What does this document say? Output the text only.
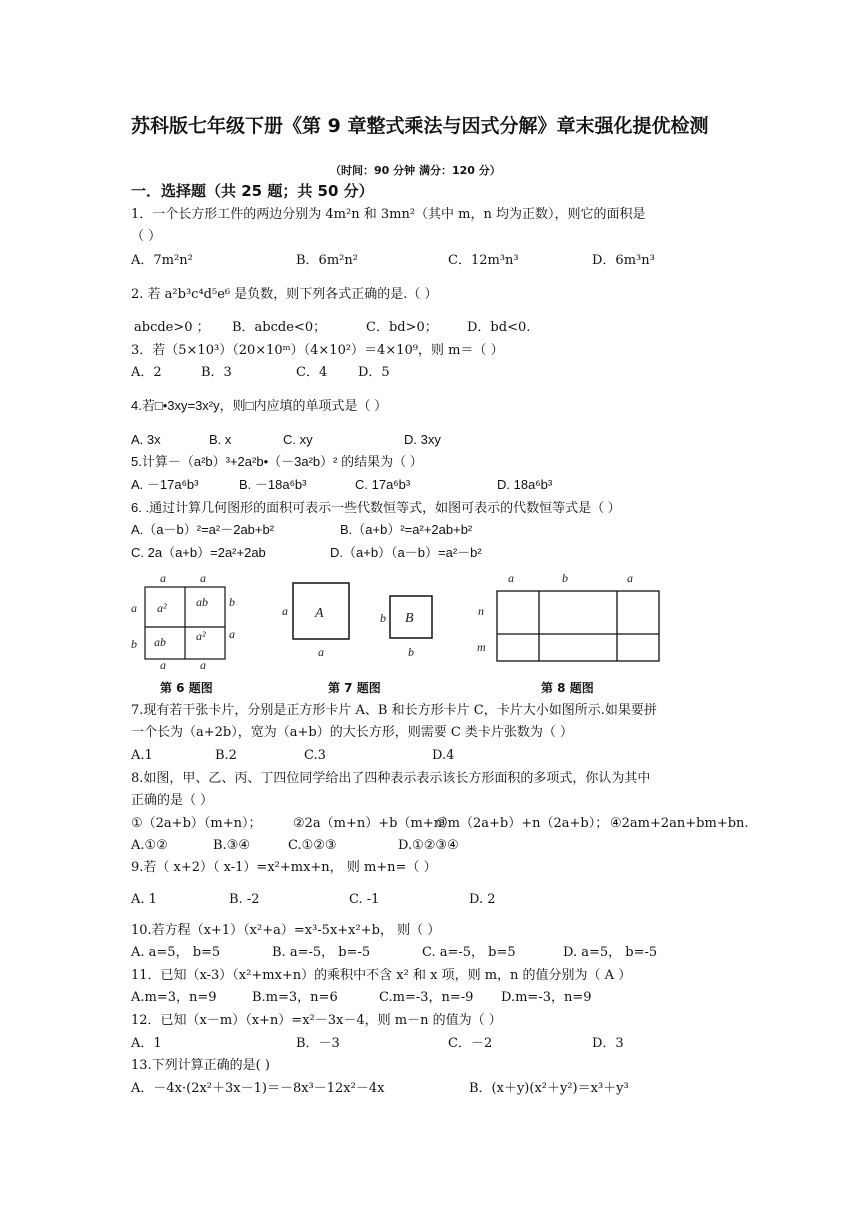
苏科版七年级下册《第 9 章整式乘法与因式分解》章末强化提优检测
（时间：90 分钟 满分：120 分）
一．选择题（共 25 题；共 50 分）
1．一个长方形工件的两边分别为 4m²n 和 3mn²（其中 m，n 均为正数），则它的面积是
（ ）
A．7m²n²	B．6m²n²	C．12m³n³	D．6m³n³
2. 若 a²b³c⁴d⁵e⁶ 是负数，则下列各式正确的是.（ ）
abcde>0 ； B．abcde<0；	C．bd>0； D．bd<0.
3．若（5×10³）（20×10ᵐ）（4×10²）＝4×10⁹，则 m＝（ ）
A．2	B．3	C．4 D．5
4.若□•3xy=3x²y，则□内应填的单项式是（ ）
A. 3x	B. x	C. xy	D. 3xy
5.计算－（a²b）³+2a²b•（－3a²b）² 的结果为（ ）
A. －17a⁶b³	B. －18a⁶b³	C. 17a⁶b³	D. 18a⁶b³
6. .通过计算几何图形的面积可表示一些代数恒等式，如图可表示的代数恒等式是（ ）
A.（a－b）²=a²－2ab+b²	B.（a+b）²=a²+2ab+b²
C. 2a（a+b）=2a²+2ab	D.（a+b）（a－b）=a²－b²
a	a
a
b
b
a
a	a
a² ab
ab	a²
A
a
a
B
b
b
a	b	a
n
m
第 6 题图	第 7 题图	第 8 题图
7.现有若干张卡片，分别是正方形卡片 A、B 和长方形卡片 C，卡片大小如图所示.如果要拼
一个长为（a+2b），宽为（a+b）的大长方形，则需要 C 类卡片张数为（ ）
A.1	B.2	C.3	D.4
8.如图，甲、乙、丙、丁四位同学给出了四种表示表示该长方形面积的多项式，你认为其中
正确的是（ ）
①（2a+b）（m+n）； ②2a（m+n）+b（m+n）
③m（2a+b）+n（2a+b）； ④2am+2an+bm+bn.
A.①②	B.③④	C.①②③	D.①②③④
9.若（ x+2）（ x-1）=x²+mx+n， 则 m+n=（ ）
A. 1	B. -2	C. -1	D. 2
10.若方程（x+1）（x²+a）=x³-5x+x²+b， 则（ ）
A. a=5， b=5	B. a=-5， b=-5	C. a=-5， b=5	D. a=5， b=-5
11．已知（x-3）（x²+mx+n）的乘积中不含 x² 和 x 项，则 m，n 的值分别为（ A ）
A.m=3，n=9	B.m=3，n=6	C.m=-3，n=-9 D.m=-3，n=9
12．已知（x－m）（x+n）=x²－3x－4，则 m－n 的值为（ ）
A．1	B．－3	C．－2	D．3
13.下列计算正确的是( )
A．－4x·(2x²＋3x－1)＝－8x³－12x²－4x	B．(x＋y)(x²＋y²)＝x³＋y³
